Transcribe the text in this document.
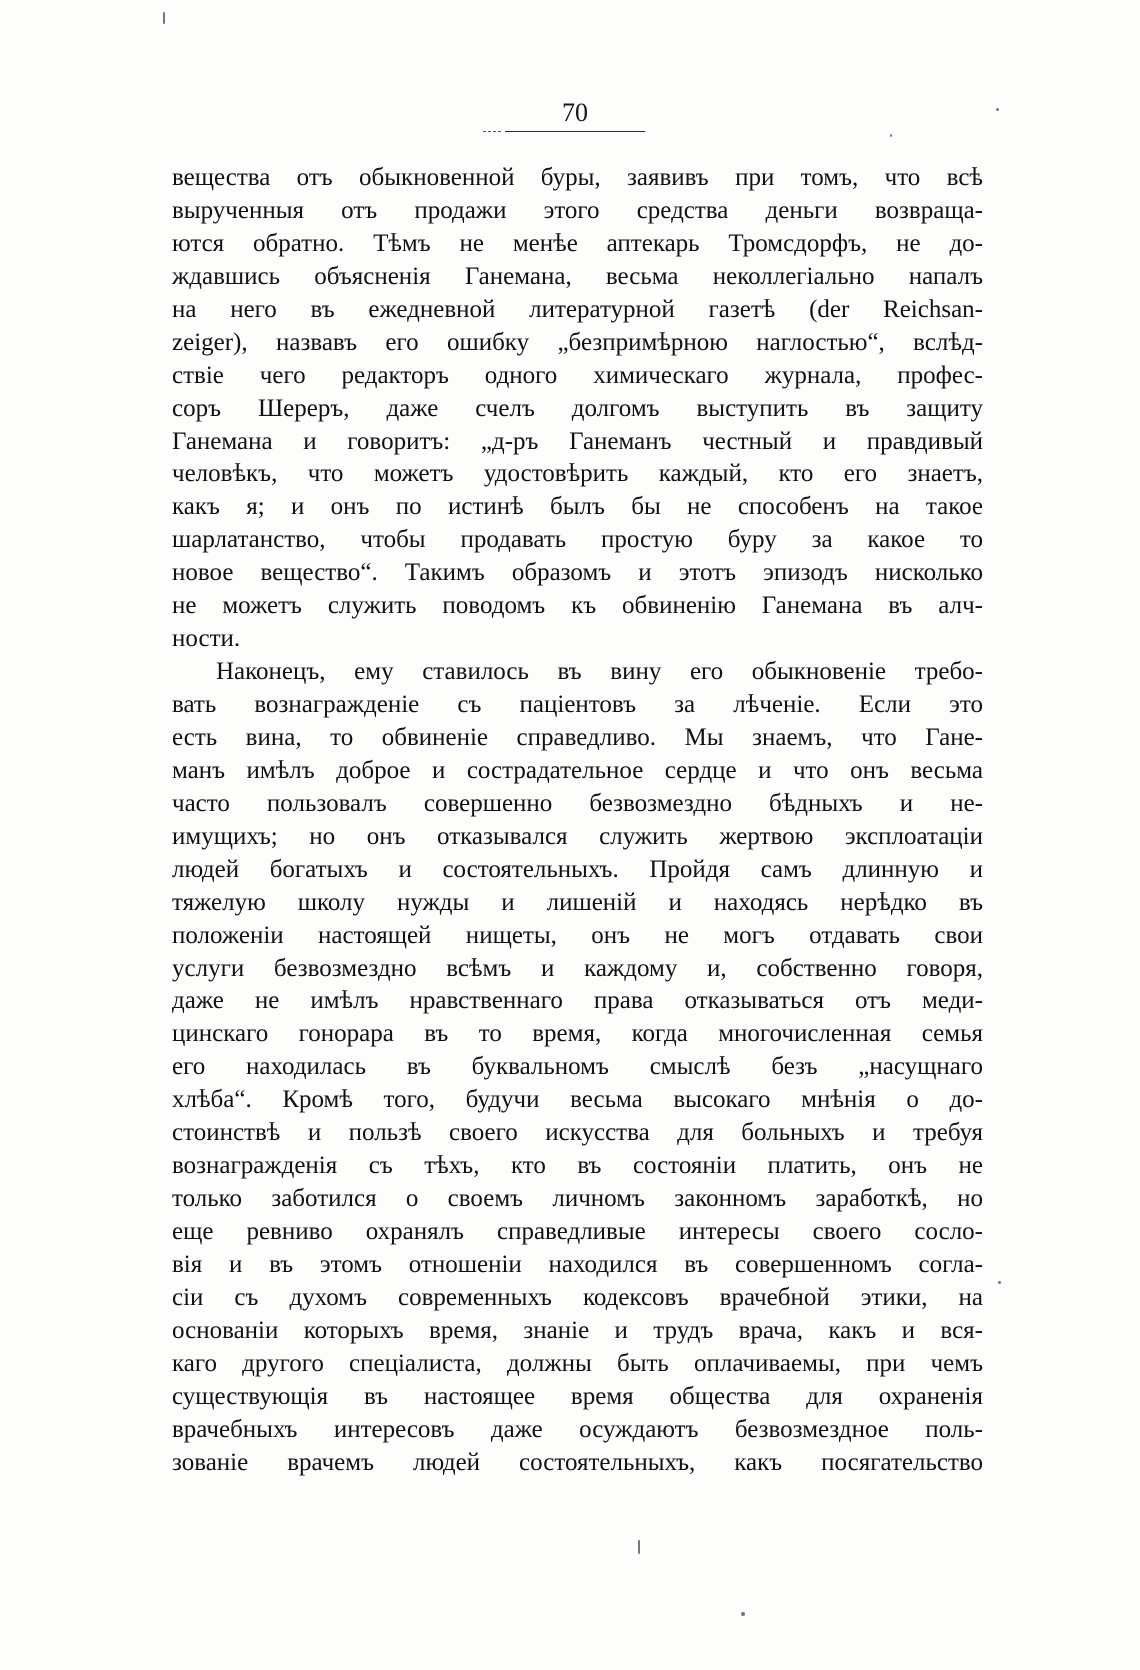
70
вещества отъ обыкновенной буры, заявивъ при томъ, что всѣ
вырученныя отъ продажи этого средства деньги возвраща-
ются обратно. Тѣмъ не менѣе аптекарь Тромсдорфъ, не до-
ждавшись объясненія Ганемана, весьма неколлегіально напалъ
на него въ ежедневной литературной газетѣ (der Reichsan-
zeiger), назвавъ его ошибку „безпримѣрною наглостью“, вслѣд-
ствіе чего редакторъ одного химическаго журнала, профес-
соръ Шереръ, даже счелъ долгомъ выступить въ защиту
Ганемана и говоритъ: „д-ръ Ганеманъ честный и правдивый
человѣкъ, что можетъ удостовѣрить каждый, кто его знаетъ,
какъ я; и онъ по истинѣ былъ бы не способенъ на такое
шарлатанство, чтобы продавать простую буру за какое то
новое вещество“. Такимъ образомъ и этотъ эпизодъ нисколько
не можетъ служить поводомъ къ обвиненію Ганемана въ алч-
ности.
Наконецъ, ему ставилось въ вину его обыкновеніе требо-
вать вознагражденіе съ паціентовъ за лѣченіе. Если это
есть вина, то обвиненіе справедливо. Мы знаемъ, что Гане-
манъ имѣлъ доброе и сострадательное сердце и что онъ весьма
часто пользовалъ совершенно безвозмездно бѣдныхъ и не-
имущихъ; но онъ отказывался служить жертвою эксплоатаціи
людей богатыхъ и состоятельныхъ. Пройдя самъ длинную и
тяжелую школу нужды и лишеній и находясь нерѣдко въ
положеніи настоящей нищеты, онъ не могъ отдавать свои
услуги безвозмездно всѣмъ и каждому и, собственно говоря,
даже не имѣлъ нравственнаго права отказываться отъ меди-
цинскаго гонорара въ то время, когда многочисленная семья
его находилась въ буквальномъ смыслѣ безъ „насущнаго
хлѣба“. Кромѣ того, будучи весьма высокаго мнѣнія о до-
стоинствѣ и пользѣ своего искусства для больныхъ и требуя
вознагражденія съ тѣхъ, кто въ состояніи платить, онъ не
только заботился о своемъ личномъ законномъ заработкѣ, но
еще ревниво охранялъ справедливые интересы своего сосло-
вія и въ этомъ отношеніи находился въ совершенномъ согла-
сіи съ духомъ современныхъ кодексовъ врачебной этики, на
основаніи которыхъ время, знаніе и трудъ врача, какъ и вся-
каго другого спеціалиста, должны быть оплачиваемы, при чемъ
существующія въ настоящее время общества для охраненія
врачебныхъ интересовъ даже осуждаютъ безвозмездное поль-
зованіе врачемъ людей состоятельныхъ, какъ посягательство
